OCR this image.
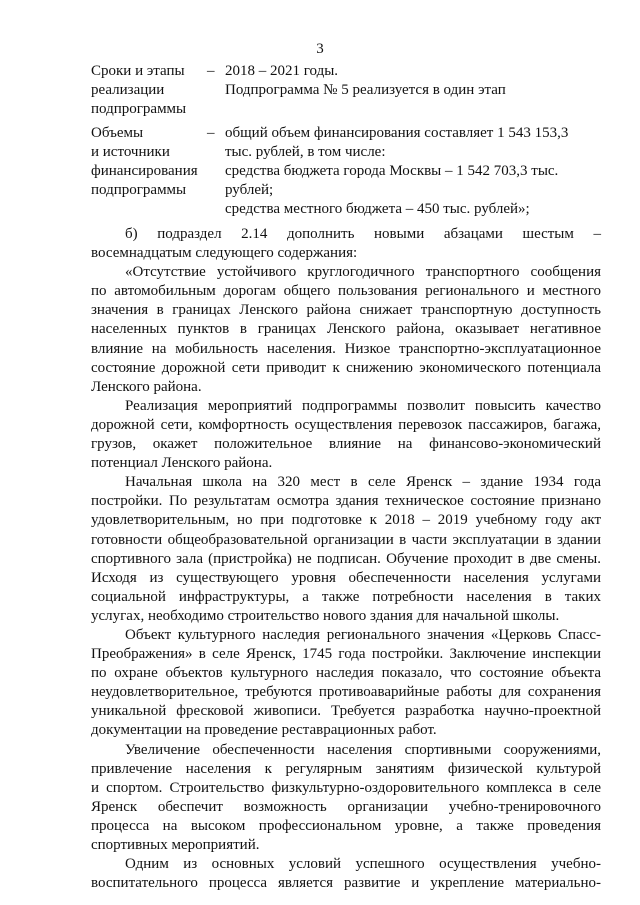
3
Сроки и этапы
реализации
подпрограммы
– 2018 – 2021 годы.
Подпрограмма № 5 реализуется в один этап
Объемы
и источники
финансирования
подпрограммы
– общий объем финансирования составляет 1 543 153,3
тыс. рублей, в том числе:
средства бюджета города Москвы – 1 542 703,3 тыс.
рублей;
средства местного бюджета – 450 тыс. рублей»;
б) подраздел 2.14 дополнить новыми абзацами шестым –
восемнадцатым следующего содержания:
«Отсутствие устойчивого круглогодичного транспортного сообщения
по автомобильным дорогам общего пользования регионального и местного
значения в границах Ленского района снижает транспортную доступность
населенных пунктов в границах Ленского района, оказывает негативное
влияние на мобильность населения. Низкое транспортно-эксплуатационное
состояние дорожной сети приводит к снижению экономического потенциала
Ленского района.
Реализация мероприятий подпрограммы позволит повысить качество
дорожной сети, комфортность осуществления перевозок пассажиров, багажа,
грузов, окажет положительное влияние на финансово-экономический
потенциал Ленского района.
Начальная школа на 320 мест в селе Яренск – здание 1934 года
постройки. По результатам осмотра здания техническое состояние признано
удовлетворительным, но при подготовке к 2018 – 2019 учебному году акт
готовности общеобразовательной организации в части эксплуатации в здании
спортивного зала (пристройка) не подписан. Обучение проходит в две смены.
Исходя из существующего уровня обеспеченности населения услугами
социальной инфраструктуры, а также потребности населения в таких
услугах, необходимо строительство нового здания для начальной школы.
Объект культурного наследия регионального значения «Церковь Спасс-
Преображения» в селе Яренск, 1745 года постройки. Заключение инспекции
по охране объектов культурного наследия показало, что состояние объекта
неудовлетворительное, требуются противоаварийные работы для сохранения
уникальной фресковой живописи. Требуется разработка научно-проектной
документации на проведение реставрационных работ.
Увеличение обеспеченности населения спортивными сооружениями,
привлечение населения к регулярным занятиям физической культурой
и спортом. Строительство физкультурно-оздоровительного комплекса в селе
Яренск обеспечит возможность организации учебно-тренировочного
процесса на высоком профессиональном уровне, а также проведения
спортивных мероприятий.
Одним из основных условий успешного осуществления учебно-
воспитательного процесса является развитие и укрепление материально-
